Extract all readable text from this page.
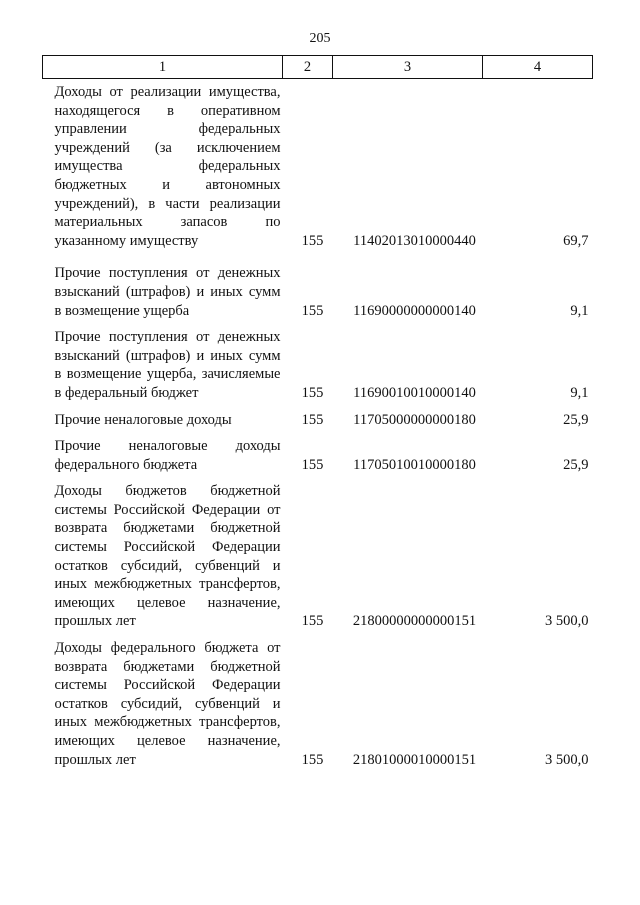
205
1	2	3	4
Доходы от реализации имущества, находящегося в оперативном управлении федеральных учреждений (за исключением имущества федеральных бюджетных и автономных учреждений), в части реализации материальных запасов по указанному имуществу	155	11402013010000440	69,7
Прочие поступления от денежных взысканий (штрафов) и иных сумм в возмещение ущерба	155	11690000000000140	9,1
Прочие поступления от денежных взысканий (штрафов) и иных сумм в возмещение ущерба, зачисляемые в федеральный бюджет	155	11690010010000140	9,1
Прочие неналоговые доходы	155	11705000000000180	25,9
Прочие неналоговые доходы федерального бюджета	155	11705010010000180	25,9
Доходы бюджетов бюджетной системы Российской Федерации от возврата бюджетами бюджетной системы Российской Федерации остатков субсидий, субвенций и иных межбюджетных трансфертов, имеющих целевое назначение, прошлых лет	155	21800000000000151	3 500,0
Доходы федерального бюджета от возврата бюджетами бюджетной системы Российской Федерации остатков субсидий, субвенций и иных межбюджетных трансфертов, имеющих целевое назначение, прошлых лет	155	21801000010000151	3 500,0
